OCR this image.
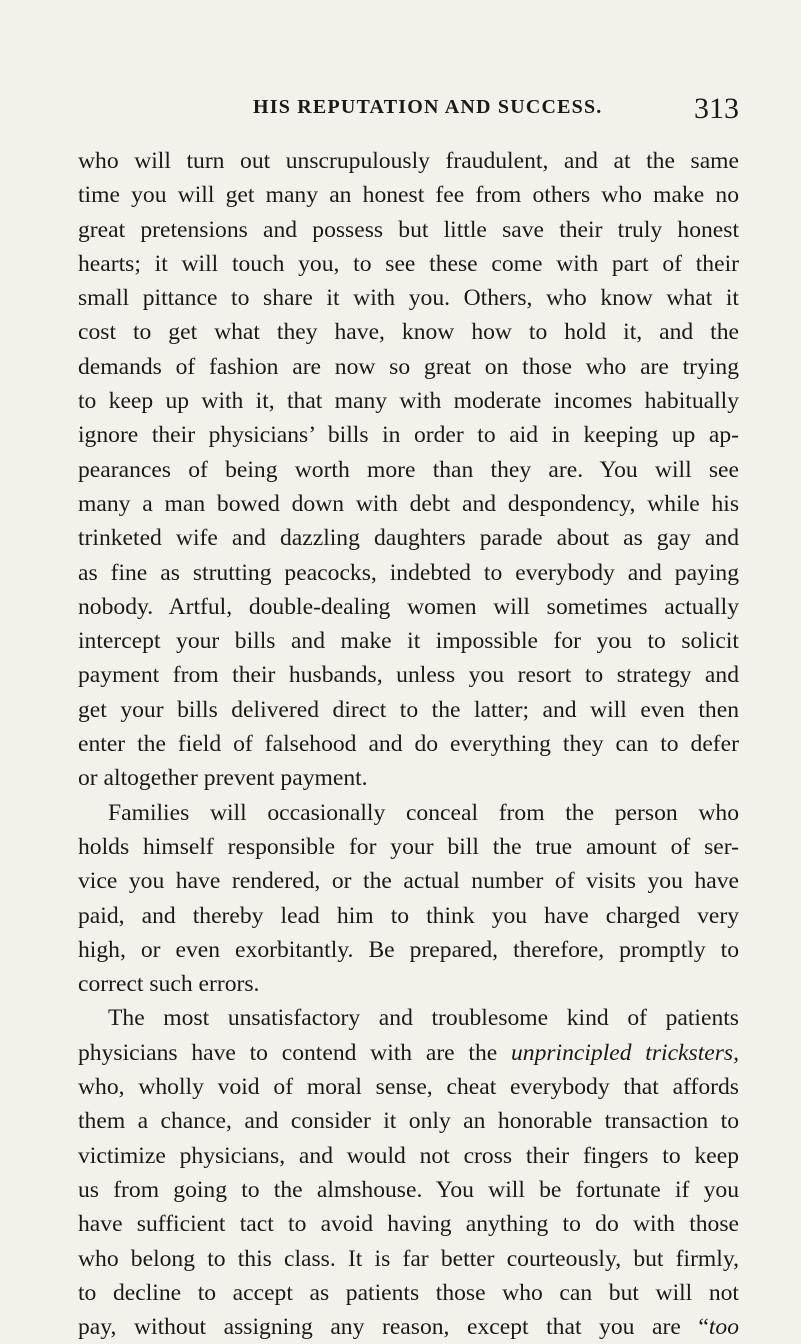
HIS REPUTATION AND SUCCESS.	313
who will turn out unscrupulously fraudulent, and at the same
time you will get many an honest fee from others who make no
great pretensions and possess but little save their truly honest
hearts; it will touch you, to see these come with part of their
small pittance to share it with you. Others, who know what it
cost to get what they have, know how to hold it, and the
demands of fashion are now so great on those who are trying
to keep up with it, that many with moderate incomes habitually
ignore their physicians’ bills in order to aid in keeping up ap-
pearances of being worth more than they are. You will see
many a man bowed down with debt and despondency, while his
trinketed wife and dazzling daughters parade about as gay and
as fine as strutting peacocks, indebted to everybody and paying
nobody. Artful, double-dealing women will sometimes actually
intercept your bills and make it impossible for you to solicit
payment from their husbands, unless you resort to strategy and
get your bills delivered direct to the latter; and will even then
enter the field of falsehood and do everything they can to defer
or altogether prevent payment.
Families will occasionally conceal from the person who
holds himself responsible for your bill the true amount of ser-
vice you have rendered, or the actual number of visits you have
paid, and thereby lead him to think you have charged very
high, or even exorbitantly. Be prepared, therefore, promptly to
correct such errors.
The most unsatisfactory and troublesome kind of patients
physicians have to contend with are the unprincipled tricksters,
who, wholly void of moral sense, cheat everybody that affords
them a chance, and consider it only an honorable transaction to
victimize physicians, and would not cross their fingers to keep
us from going to the almshouse. You will be fortunate if you
have sufficient tact to avoid having anything to do with those
who belong to this class. It is far better courteously, but firmly,
to decline to accept as patients those who can but will not
pay, without assigning any reason, except that you are “too
